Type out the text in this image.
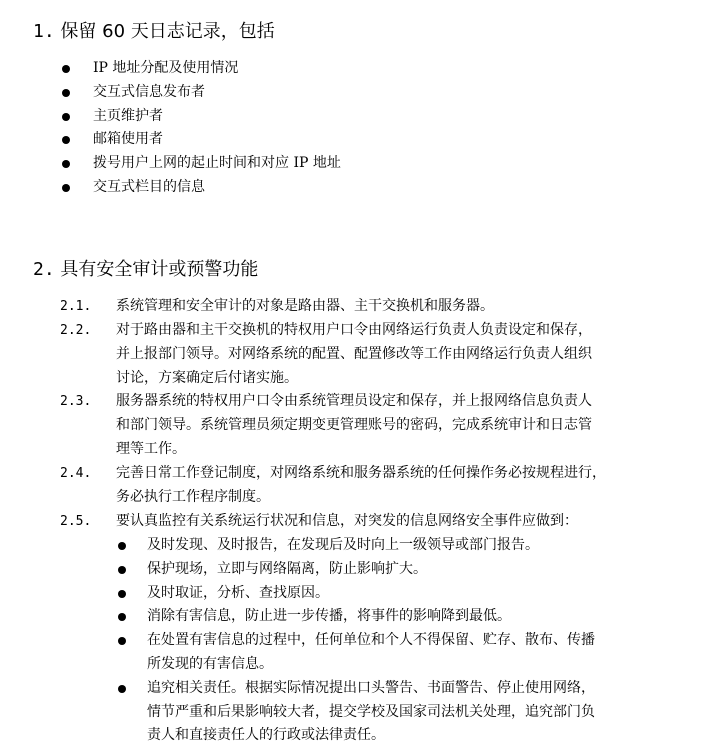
1. 保留 60 天日志记录，包括
IP 地址分配及使用情况
交互式信息发布者
主页维护者
邮箱使用者
拨号用户上网的起止时间和对应 IP 地址
交互式栏目的信息
2. 具有安全审计或预警功能
2.1. 系统管理和安全审计的对象是路由器、主干交换机和服务器。
2.2. 对于路由器和主干交换机的特权用户口令由网络运行负责人负责设定和保存，
并上报部门领导。对网络系统的配置、配置修改等工作由网络运行负责人组织
讨论，方案确定后付诸实施。
2.3. 服务器系统的特权用户口令由系统管理员设定和保存，并上报网络信息负责人
和部门领导。系统管理员须定期变更管理账号的密码，完成系统审计和日志管
理等工作。
2.4. 完善日常工作登记制度，对网络系统和服务器系统的任何操作务必按规程进行，
务必执行工作程序制度。
2.5. 要认真监控有关系统运行状况和信息，对突发的信息网络安全事件应做到：
及时发现、及时报告，在发现后及时向上一级领导或部门报告。
保护现场，立即与网络隔离，防止影响扩大。
及时取证，分析、查找原因。
消除有害信息，防止进一步传播，将事件的影响降到最低。
在处置有害信息的过程中，任何单位和个人不得保留、贮存、散布、传播
所发现的有害信息。
追究相关责任。根据实际情况提出口头警告、书面警告、停止使用网络，
情节严重和后果影响较大者，提交学校及国家司法机关处理，追究部门负
责人和直接责任人的行政或法律责任。
